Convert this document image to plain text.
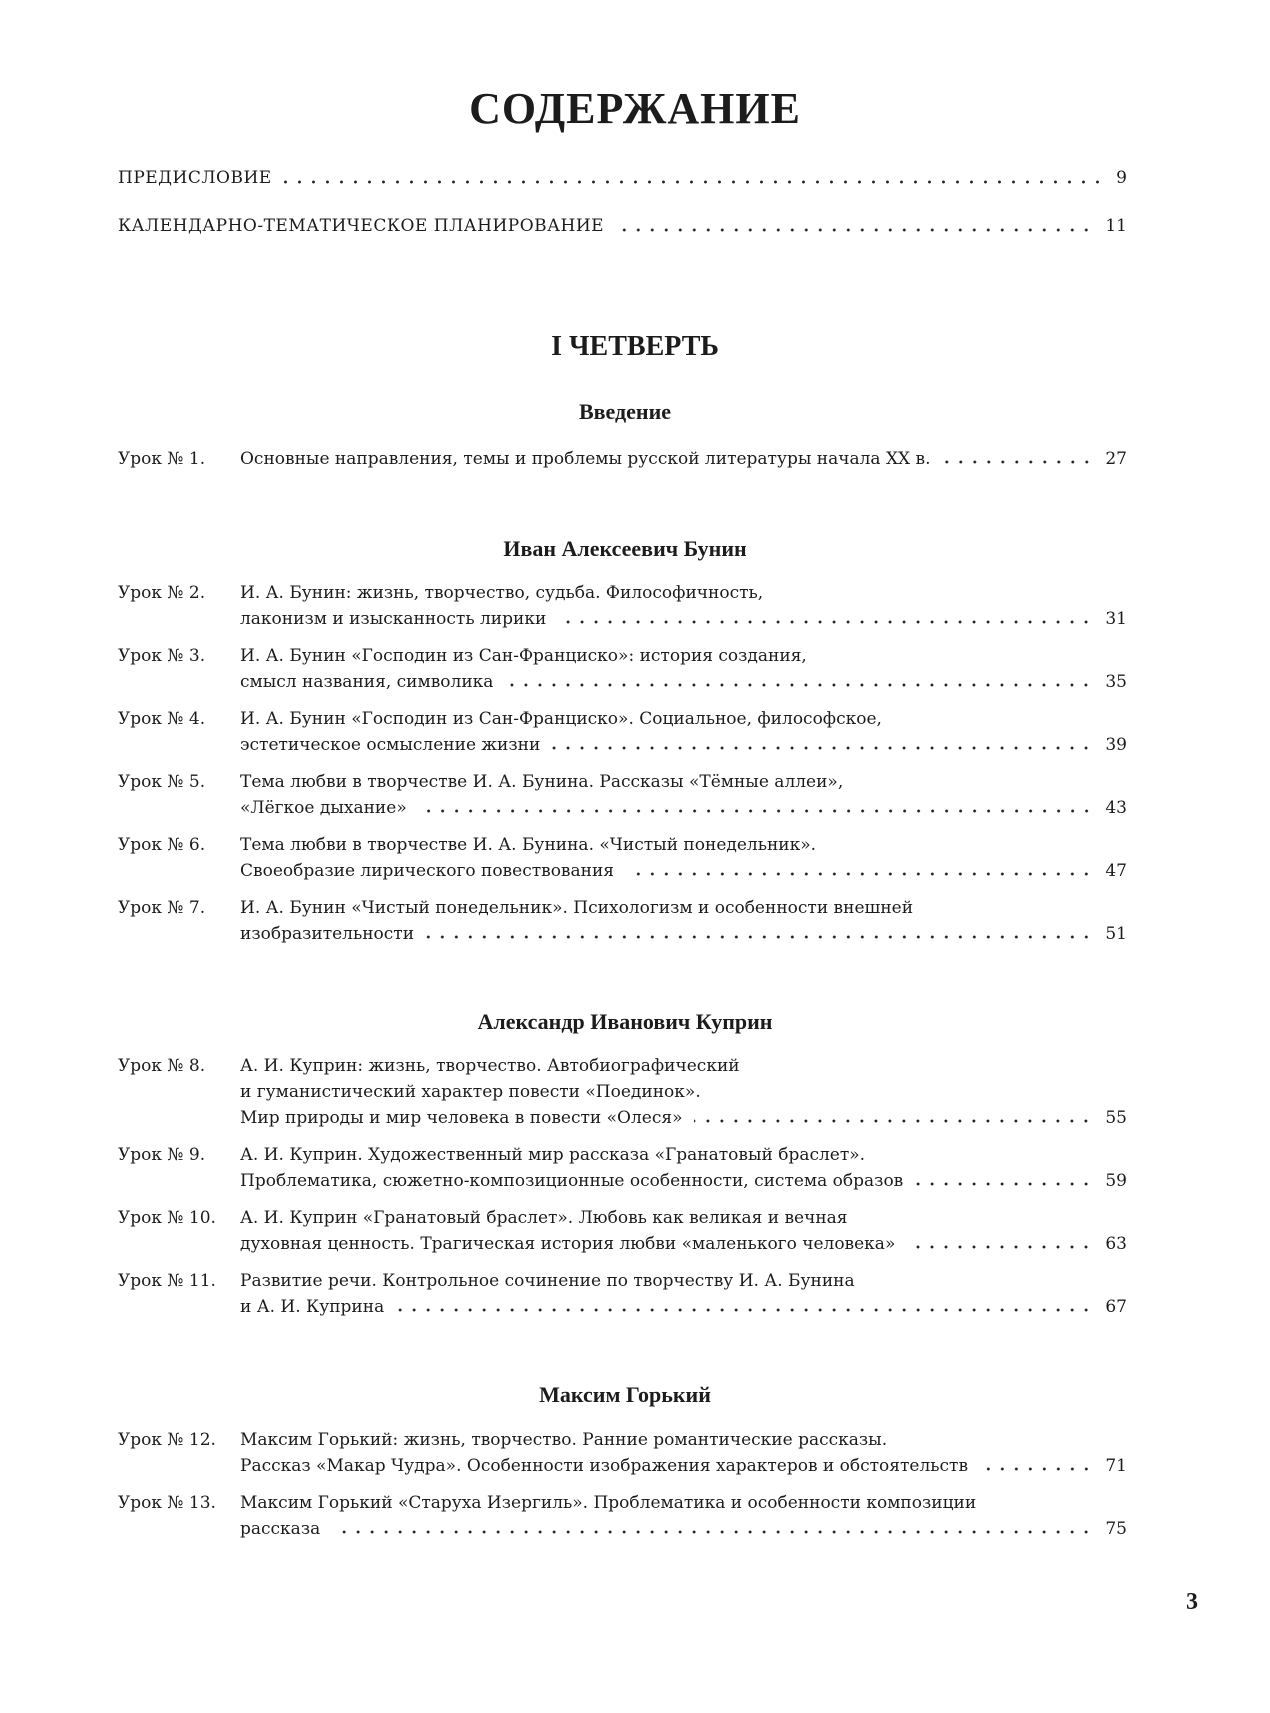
СОДЕРЖАНИЕ
ПРЕДИСЛОВИЕ	9
КАЛЕНДАРНО-ТЕМАТИЧЕСКОЕ ПЛАНИРОВАНИЕ	11
I ЧЕТВЕРТЬ
Введение
Урок № 1.	Основные направления, темы и проблемы русской литературы начала XX в.	27
Иван Алексеевич Бунин
Урок № 2.	И. А. Бунин: жизнь, творчество, судьба. Философичность,
лаконизм и изысканность лирики	31
Урок № 3.	И. А. Бунин «Господин из Сан-Франциско»: история создания,
смысл названия, символика	35
Урок № 4.	И. А. Бунин «Господин из Сан-Франциско». Социальное, философское,
эстетическое осмысление жизни	39
Урок № 5.	Тема любви в творчестве И. А. Бунина. Рассказы «Тёмные аллеи»,
«Лёгкое дыхание»	43
Урок № 6.	Тема любви в творчестве И. А. Бунина. «Чистый понедельник».
Своеобразие лирического повествования	47
Урок № 7.	И. А. Бунин «Чистый понедельник». Психологизм и особенности внешней
изобразительности	51
Александр Иванович Куприн
Урок № 8.	А. И. Куприн: жизнь, творчество. Автобиографический
и гуманистический характер повести «Поединок».
Мир природы и мир человека в повести «Олеся»	55
Урок № 9.	А. И. Куприн. Художественный мир рассказа «Гранатовый браслет».
Проблематика, сюжетно-композиционные особенности, система образов	59
Урок № 10.	А. И. Куприн «Гранатовый браслет». Любовь как великая и вечная
духовная ценность. Трагическая история любви «маленького человека»	63
Урок № 11.	Развитие речи. Контрольное сочинение по творчеству И. А. Бунина
и А. И. Куприна	67
Максим Горький
Урок № 12.	Максим Горький: жизнь, творчество. Ранние романтические рассказы.
Рассказ «Макар Чудра». Особенности изображения характеров и обстоятельств	71
Урок № 13.	Максим Горький «Старуха Изергиль». Проблематика и особенности композиции
рассказа	75
3
